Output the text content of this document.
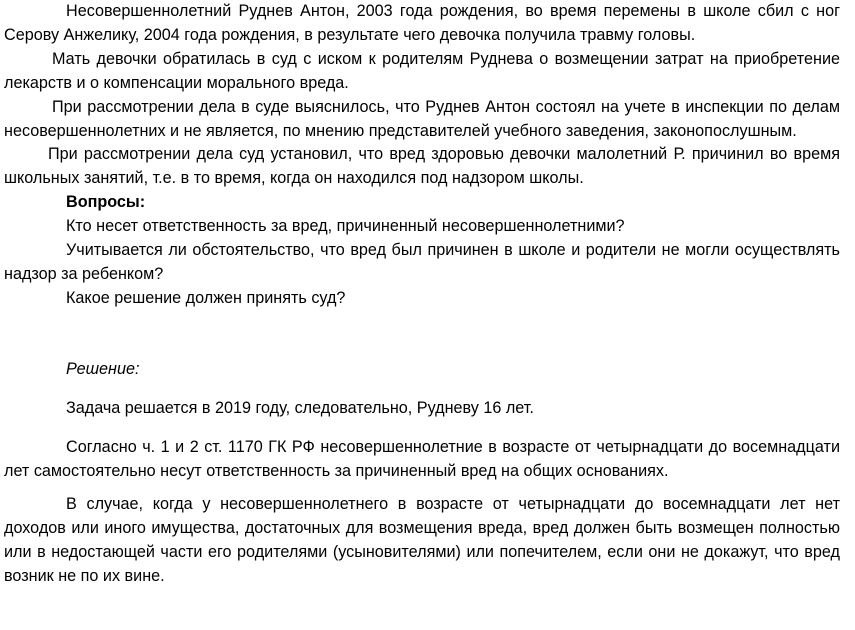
Несовершеннолетний Руднев Антон, 2003 года рождения, во время перемены в школе сбил с ног Серову Анжелику, 2004 года рождения, в результате чего девочка получила травму головы.

Мать девочки обратилась в суд с иском к родителям Руднева о возмещении затрат на приобретение лекарств и о компенсации морального вреда.

При рассмотрении дела в суде выяснилось, что Руднев Антон состоял на учете в инспекции по делам несовершеннолетних и не является, по мнению представителей учебного заведения, законопослушным.

При рассмотрении дела суд установил, что вред здоровью девочки малолетний Р. причинил во время школьных занятий, т.е. в то время, когда он находился под надзором школы.

Вопросы:

Кто несет ответственность за вред, причиненный несовершеннолетними?

Учитывается ли обстоятельство, что вред был причинен в школе и родители не могли осуществлять надзор за ребенком?

Какое решение должен принять суд?

Решение:

Задача решается в 2019 году, следовательно, Рудневу 16 лет.

Согласно ч. 1 и 2 ст. 1170 ГК РФ несовершеннолетние в возрасте от четырнадцати до восемнадцати лет самостоятельно несут ответственность за причиненный вред на общих основаниях.

В случае, когда у несовершеннолетнего в возрасте от четырнадцати до восемнадцати лет нет доходов или иного имущества, достаточных для возмещения вреда, вред должен быть возмещен полностью или в недостающей части его родителями (усыновителями) или попечителем, если они не докажут, что вред возник не по их вине.
